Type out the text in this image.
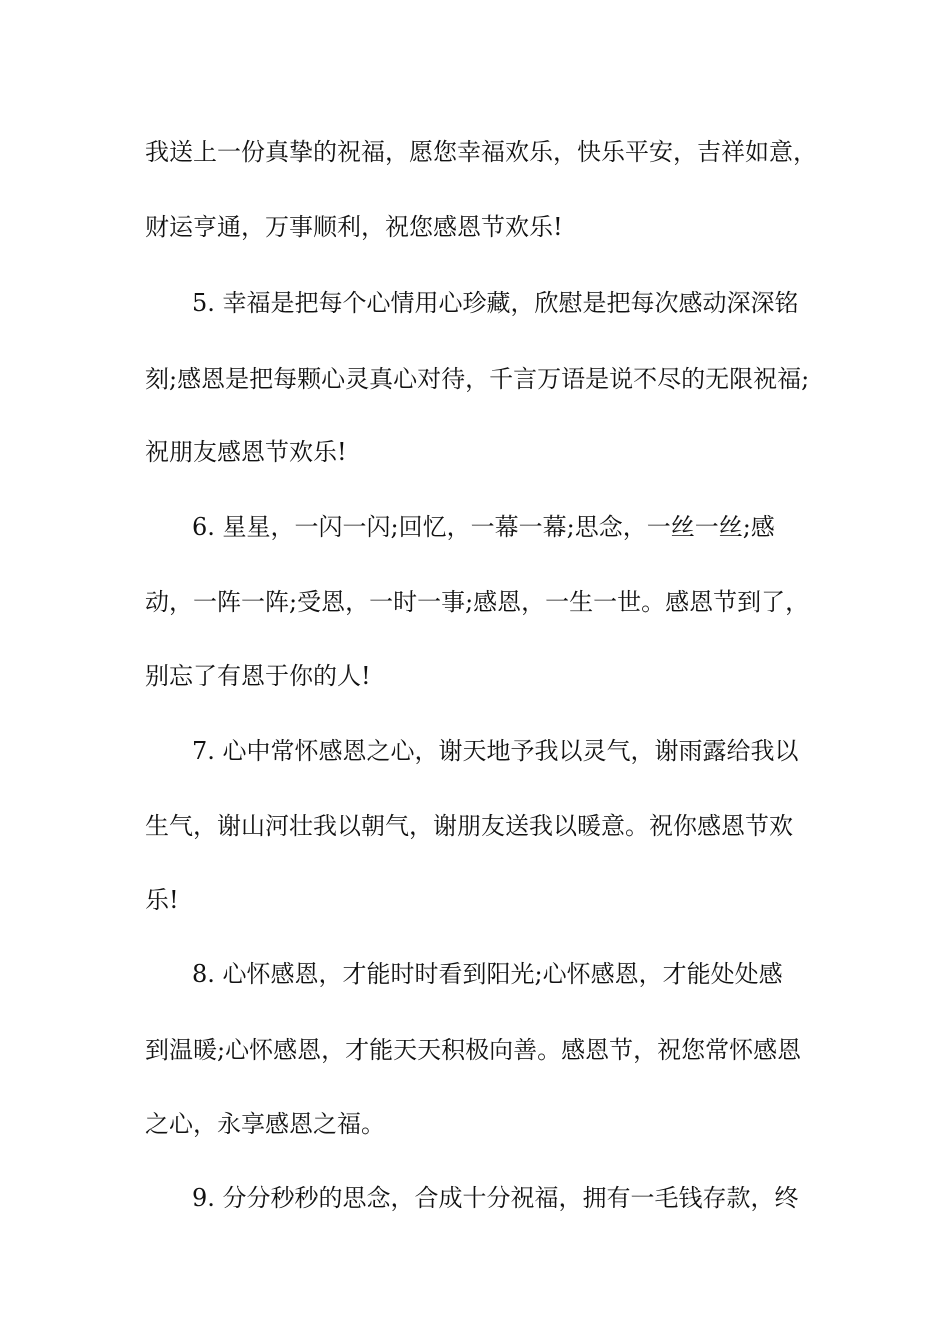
我送上一份真挚的祝福，愿您幸福欢乐，快乐平安，吉祥如意，

财运亨通，万事顺利，祝您感恩节欢乐!

5. 幸福是把每个心情用心珍藏，欣慰是把每次感动深深铭

刻;感恩是把每颗心灵真心对待，千言万语是说不尽的无限祝福;

祝朋友感恩节欢乐!

6. 星星，一闪一闪;回忆，一幕一幕;思念，一丝一丝;感

动，一阵一阵;受恩，一时一事;感恩，一生一世。感恩节到了，

别忘了有恩于你的人!

7. 心中常怀感恩之心，谢天地予我以灵气，谢雨露给我以

生气，谢山河壮我以朝气，谢朋友送我以暖意。祝你感恩节欢

乐!

8. 心怀感恩，才能时时看到阳光;心怀感恩，才能处处感

到温暖;心怀感恩，才能天天积极向善。感恩节，祝您常怀感恩

之心，永享感恩之福。

9. 分分秒秒的思念，合成十分祝福，拥有一毛钱存款，终
